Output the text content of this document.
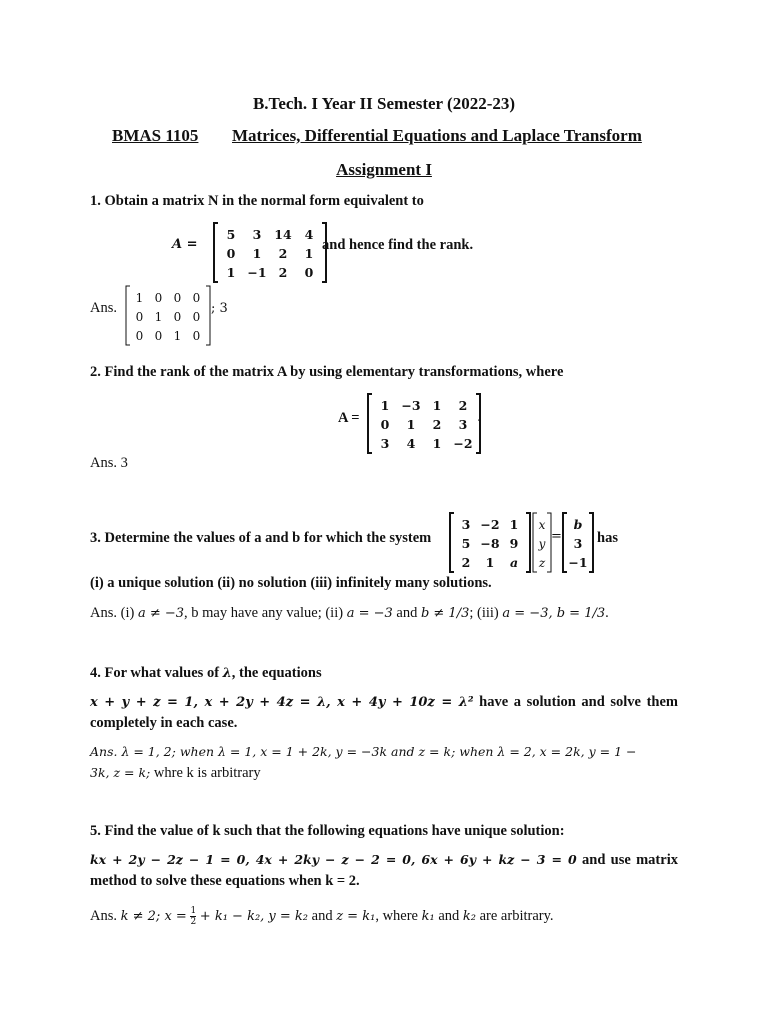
B.Tech. I Year II Semester (2022-23)
BMAS 1105 Matrices, Differential Equations and Laplace Transform
Assignment I
1. Obtain a matrix N in the normal form equivalent to
A =
5 3 14 4
0 1 2 1
1 −1 2 0
and hence find the rank.
Ans.
1 0 0 0
0 1 0 0
0 0 1 0
; 3
2. Find the rank of the matrix A by using elementary transformations, where
A =
1 −3 1 2
0 1 2 3
3 4 1 −2
.
Ans. 3
3. Determine the values of a and b for which the system
3 −2 1
5 −8 9
2 1 a
x
y
z
=
b
3
−1
has
(i) a unique solution (ii) no solution (iii) infinitely many solutions.
Ans. (i) a ≠ −3, b may have any value; (ii) a = −3 and b ≠ 1/3; (iii) a = −3, b = 1/3.
4. For what values of λ, the equations
x + y + z = 1, x + 2y + 4z = λ, x + 4y + 10z = λ² have a solution and solve them
completely in each case.
Ans. λ = 1, 2; when λ = 1, x = 1 + 2k, y = −3k and z = k; when λ = 2, x = 2k, y = 1 −
3k, z = k; whre k is arbitrary
5. Find the value of k such that the following equations have unique solution:
kx + 2y − 2z − 1 = 0, 4x + 2ky − z − 2 = 0, 6x + 6y + kz − 3 = 0 and use matrix
method to solve these equations when k = 2.
Ans. k ≠ 2; $x = \frac{1}{2} + k_1 - k_2$, y = k₂ and z = k₁, where k₁ and k₂ are arbitrary.
